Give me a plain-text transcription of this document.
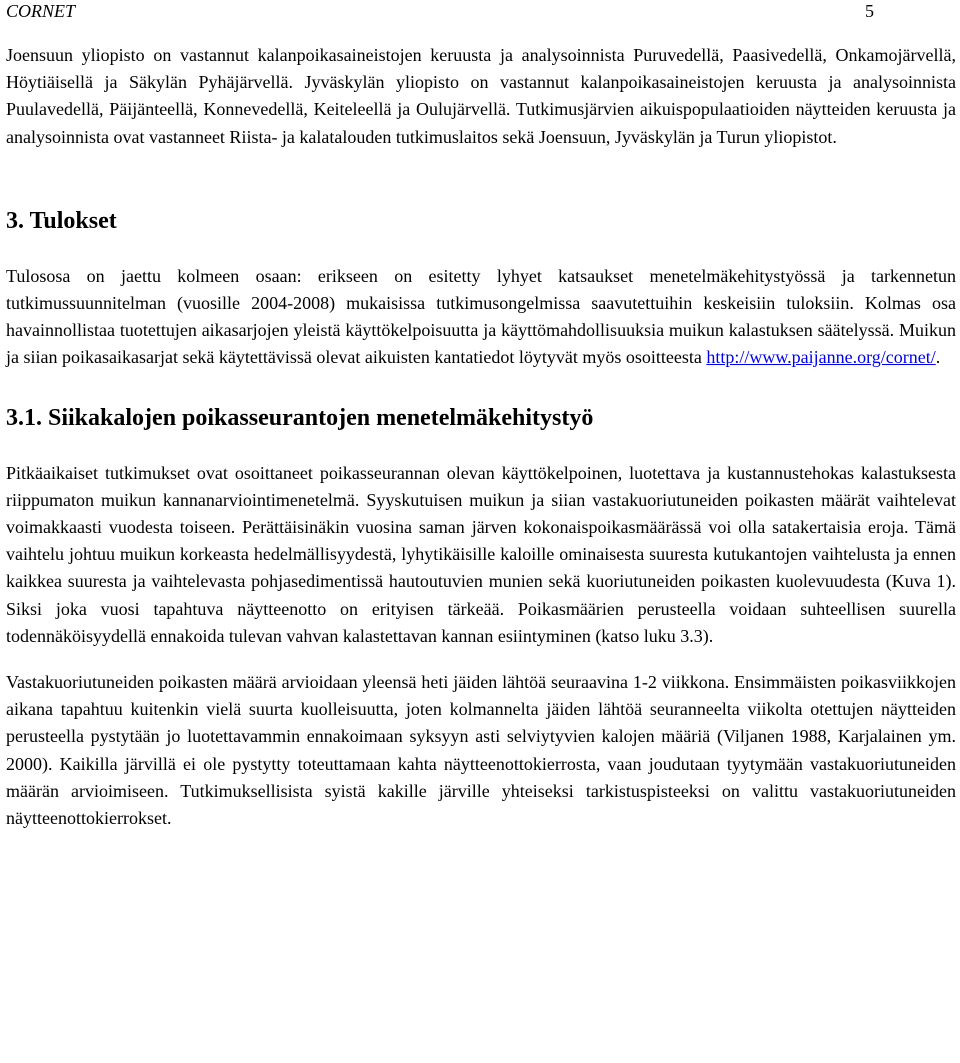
CORNET	5

Joensuun yliopisto on vastannut kalanpoikasaineistojen keruusta ja analysoinnista Puruvedellä, Paasivedellä, Onkamojärvellä, Höytiäisellä ja Säkylän Pyhäjärvellä. Jyväskylän yliopisto on vastannut kalanpoikasaineistojen keruusta ja analysoinnista Puulavedellä, Päijänteellä, Konnevedellä, Keiteleellä ja Oulujärvellä. Tutkimusjärvien aikuispopulaatioiden näytteiden keruusta ja analysoinnista ovat vastanneet Riista- ja kalatalouden tutkimuslaitos sekä Joensuun, Jyväskylän ja Turun yliopistot.

3. Tulokset

Tulososa on jaettu kolmeen osaan: erikseen on esitetty lyhyet katsaukset menetelmäkehitystyössä ja tarkennetun tutkimussuunnitelman (vuosille 2004-2008) mukaisissa tutkimusongelmissa saavutettuihin keskeisiin tuloksiin. Kolmas osa havainnollistaa tuotettujen aikasarjojen yleistä käyttökelpoisuutta ja käyttömahdollisuuksia muikun kalastuksen säätelyssä. Muikun ja siian poikasaikasarjat sekä käytettävissä olevat aikuisten kantatiedot löytyvät myös osoitteesta http://www.paijanne.org/cornet/.

3.1. Siikakalojen poikasseurantojen menetelmäkehitystyö

Pitkäaikaiset tutkimukset ovat osoittaneet poikasseurannan olevan käyttökelpoinen, luotettava ja kustannustehokas kalastuksesta riippumaton muikun kannanarviointimenetelmä. Syyskutuisen muikun ja siian vastakuoriutuneiden poikasten määrät vaihtelevat voimakkaasti vuodesta toiseen. Perättäisinäkin vuosina saman järven kokonaispoikasmäärässä voi olla satakertaisia eroja. Tämä vaihtelu johtuu muikun korkeasta hedelmällisyydestä, lyhytikäisille kaloille ominaisesta suuresta kutukantojen vaihtelusta ja ennen kaikkea suuresta ja vaihtelevasta pohjasedimentissä hautoutuvien munien sekä kuoriutuneiden poikasten kuolevuudesta (Kuva 1). Siksi joka vuosi tapahtuva näytteenotto on erityisen tärkeää. Poikasmäärien perusteella voidaan suhteellisen suurella todennäköisyydellä ennakoida tulevan vahvan kalastettavan kannan esiintyminen (katso luku 3.3).

Vastakuoriutuneiden poikasten määrä arvioidaan yleensä heti jäiden lähtöä seuraavina 1-2 viikkona. Ensimmäisten poikasviikkojen aikana tapahtuu kuitenkin vielä suurta kuolleisuutta, joten kolmannelta jäiden lähtöä seuranneelta viikolta otettujen näytteiden perusteella pystytään jo luotettavammin ennakoimaan syksyyn asti selviytyvien kalojen määriä (Viljanen 1988, Karjalainen ym. 2000). Kaikilla järvillä ei ole pystytty toteuttamaan kahta näytteenottokierrosta, vaan joudutaan tyytymään vastakuoriutuneiden määrän arvioimiseen. Tutkimuksellisista syistä kakille järville yhteiseksi tarkistuspisteeksi on valittu vastakuoriutuneiden näytteenottokierrokset.
